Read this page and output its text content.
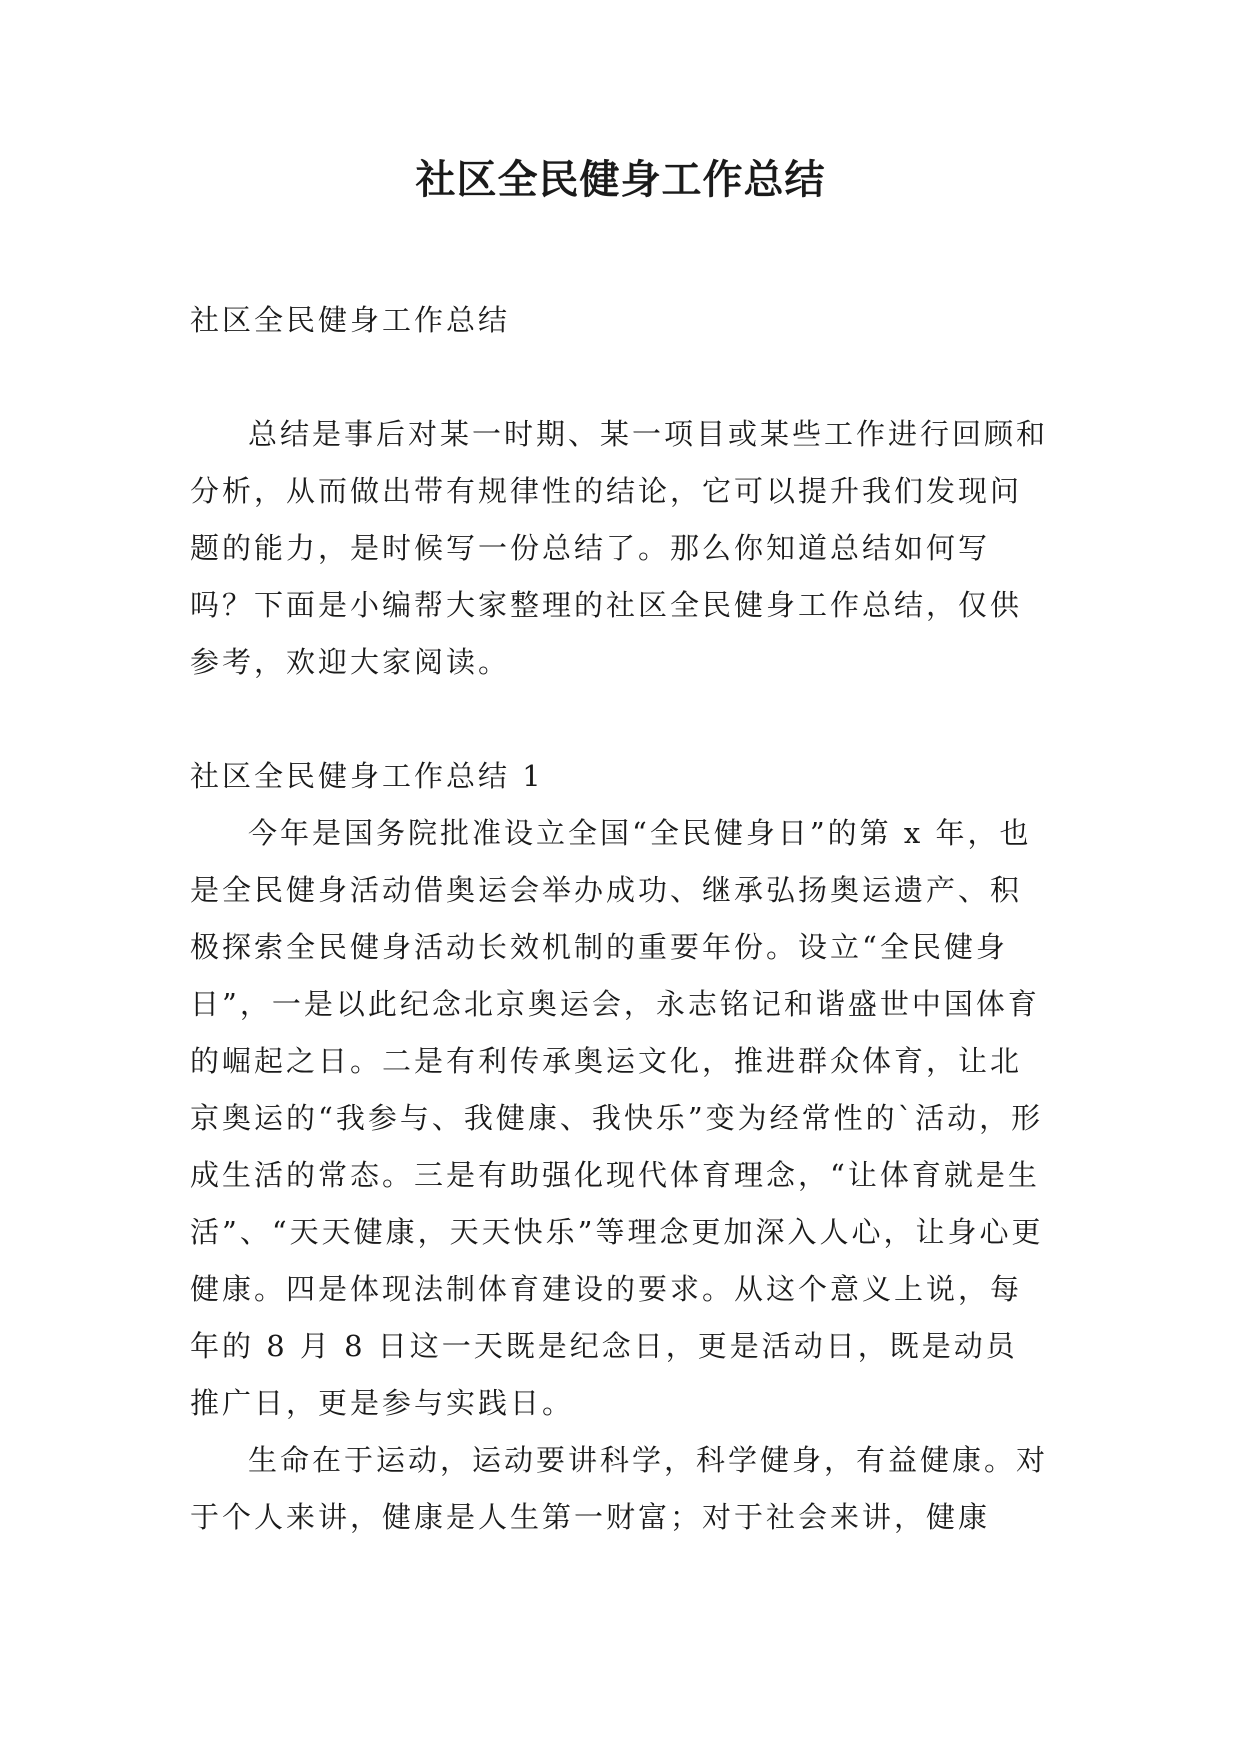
社区全民健身工作总结

社区全民健身工作总结

总结是事后对某一时期、某一项目或某些工作进行回顾和分析，从而做出带有规律性的结论，它可以提升我们发现问题的能力，是时候写一份总结了。那么你知道总结如何写吗？下面是小编帮大家整理的社区全民健身工作总结，仅供参考，欢迎大家阅读。

社区全民健身工作总结 1

今年是国务院批准设立全国“全民健身日”的第 x 年，也是全民健身活动借奥运会举办成功、继承弘扬奥运遗产、积极探索全民健身活动长效机制的重要年份。设立“全民健身日”，一是以此纪念北京奥运会，永志铭记和谐盛世中国体育的崛起之日。二是有利传承奥运文化，推进群众体育，让北京奥运的“我参与、我健康、我快乐”变为经常性的`活动，形成生活的常态。三是有助强化现代体育理念，“让体育就是生活”、“天天健康，天天快乐”等理念更加深入人心，让身心更健康。四是体现法制体育建设的要求。从这个意义上说，每年的 8 月 8 日这一天既是纪念日，更是活动日，既是动员推广日，更是参与实践日。

生命在于运动，运动要讲科学，科学健身，有益健康。对于个人来讲，健康是人生第一财富；对于社会来讲，健康
